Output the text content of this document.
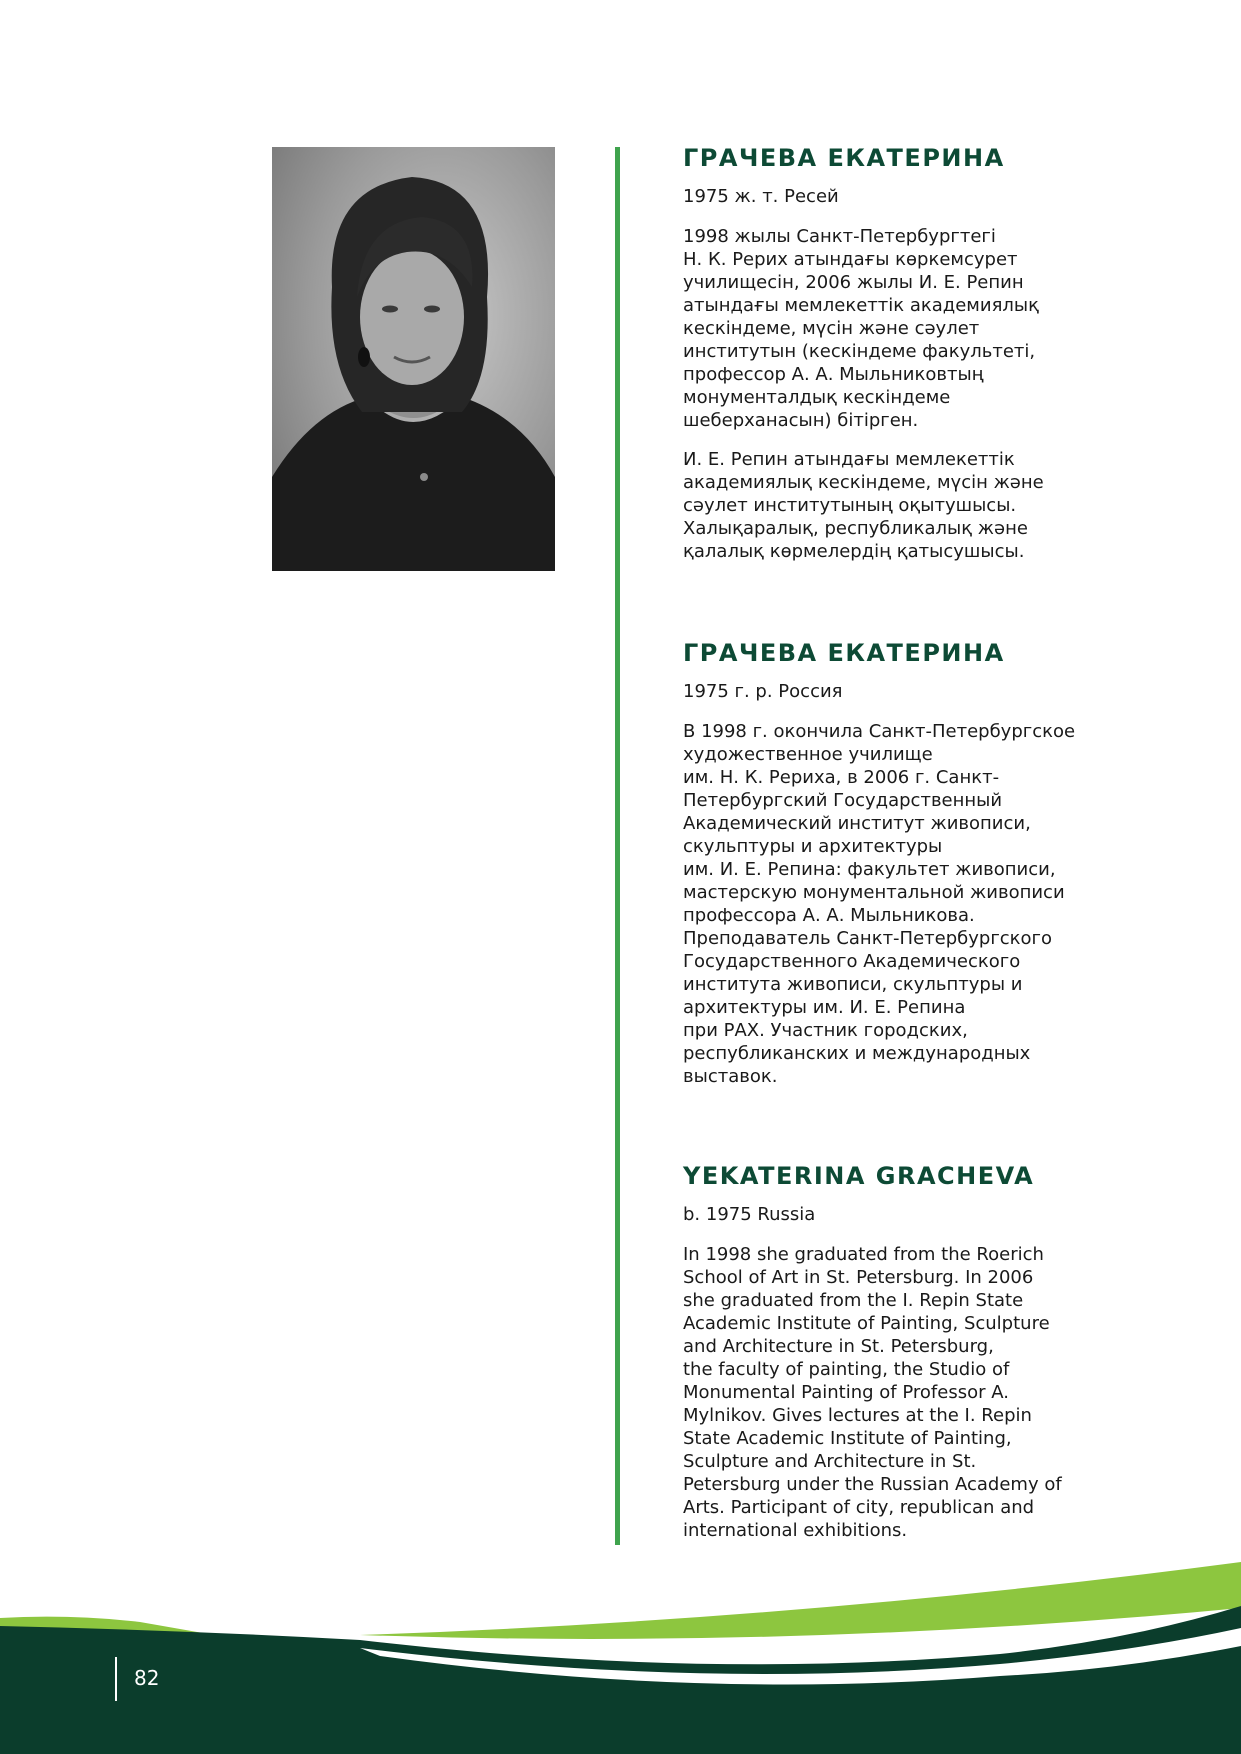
ГРАЧЕВА ЕКАТЕРИНА

1975 ж. т. Ресей

1998 жылы Санкт-Петербургтегі
Н. К. Рерих атындағы көркемсурет
училищесін, 2006 жылы И. Е. Репин
атындағы мемлекеттік академиялық
кескіндеме, мүсін және сәулет
институтын (кескіндеме факультеті,
профессор А. А. Мыльниковтың
монументалдық кескіндеме
шеберханасын) бітірген.

И. Е. Репин атындағы мемлекеттік
академиялық кескіндеме, мүсін және
сәулет институтының оқытушысы.
Халықаралық, республикалық және
қалалық көрмелердің қатысушысы.

ГРАЧЕВА ЕКАТЕРИНА

1975 г. р. Россия

В 1998 г. окончила Санкт-Петербургское
художественное училище
им. Н. К. Рериха, в 2006 г. Санкт-
Петербургский Государственный
Академический институт живописи,
скульптуры и архитектуры
им. И. Е. Репина: факультет живописи,
мастерскую монументальной живописи
профессора А. А. Мыльникова.
Преподаватель Санкт-Петербургского
Государственного Академического
института живописи, скульптуры и
архитектуры им. И. Е. Репина
при РАХ. Участник городских,
республиканских и международных
выставок.

YEKATERINA GRACHEVA

b. 1975 Russia

In 1998 she graduated from the Roerich
School of Art in St. Petersburg. In 2006
she graduated from the I. Repin State
Academic Institute of Painting, Sculpture
and Architecture in St. Petersburg,
the faculty of painting, the Studio of
Monumental Painting of Professor A.
Mylnikov. Gives lectures at the I. Repin
State Academic Institute of Painting,
Sculpture and Architecture in St.
Petersburg under the Russian Academy of
Arts. Participant of city, republican and
international exhibitions.

82
